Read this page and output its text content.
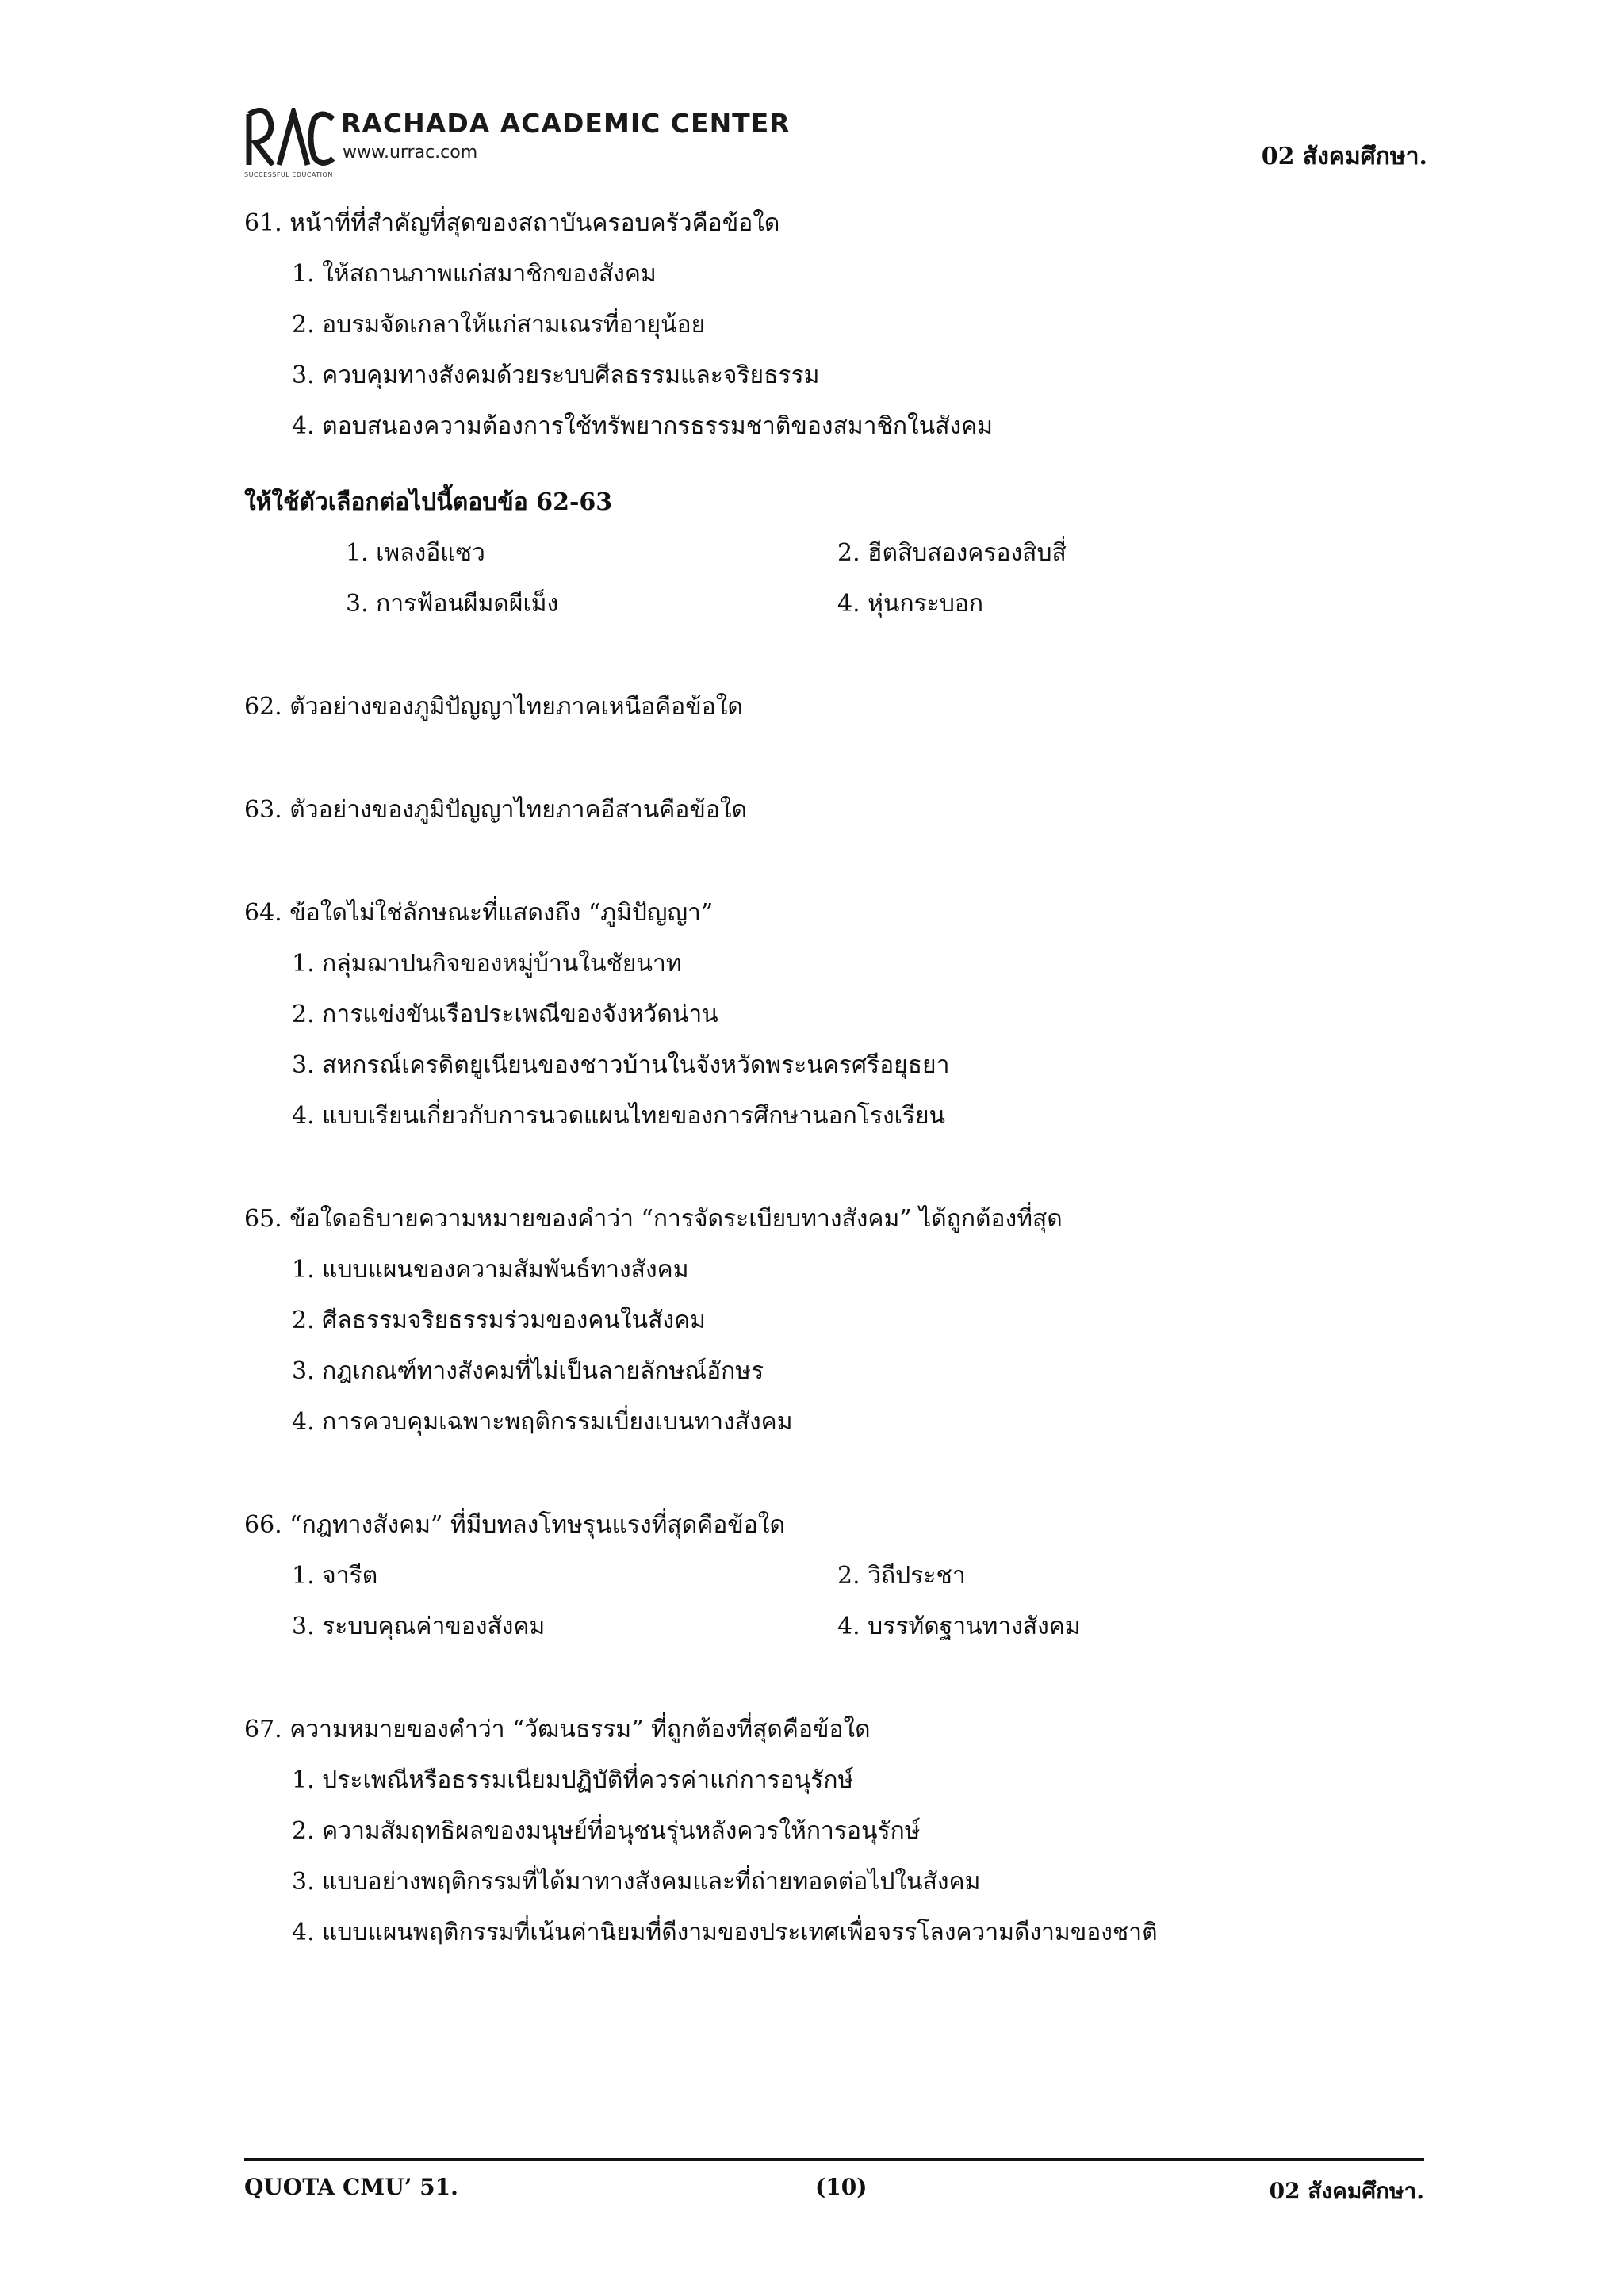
RACHADA ACADEMIC CENTER
www.urrac.com
SUCCESSFUL EDUCATION
02 สังคมศึกษา.
61. หน้าที่ที่สำคัญที่สุดของสถาบันครอบครัวคือข้อใด
1. ให้สถานภาพแก่สมาชิกของสังคม
2. อบรมจัดเกลาให้แก่สามเณรที่อายุน้อย
3. ควบคุมทางสังคมด้วยระบบศีลธรรมและจริยธรรม
4. ตอบสนองความต้องการใช้ทรัพยากรธรรมชาติของสมาชิกในสังคม
ให้ใช้ตัวเลือกต่อไปนี้ตอบข้อ 62-63
1. เพลงอีแซว	2. ฮีตสิบสองครองสิบสี่
3. การฟ้อนผีมดผีเม็ง	4. หุ่นกระบอก
62. ตัวอย่างของภูมิปัญญาไทยภาคเหนือคือข้อใด
63. ตัวอย่างของภูมิปัญญาไทยภาคอีสานคือข้อใด
64. ข้อใดไม่ใช่ลักษณะที่แสดงถึง “ภูมิปัญญา”
1. กลุ่มฌาปนกิจของหมู่บ้านในชัยนาท
2. การแข่งขันเรือประเพณีของจังหวัดน่าน
3. สหกรณ์เครดิตยูเนียนของชาวบ้านในจังหวัดพระนครศรีอยุธยา
4. แบบเรียนเกี่ยวกับการนวดแผนไทยของการศึกษานอกโรงเรียน
65. ข้อใดอธิบายความหมายของคำว่า “การจัดระเบียบทางสังคม” ได้ถูกต้องที่สุด
1. แบบแผนของความสัมพันธ์ทางสังคม
2. ศีลธรรมจริยธรรมร่วมของคนในสังคม
3. กฎเกณฑ์ทางสังคมที่ไม่เป็นลายลักษณ์อักษร
4. การควบคุมเฉพาะพฤติกรรมเบี่ยงเบนทางสังคม
66. “กฎทางสังคม” ที่มีบทลงโทษรุนแรงที่สุดคือข้อใด
1. จารีต	2. วิถีประชา
3. ระบบคุณค่าของสังคม	4. บรรทัดฐานทางสังคม
67. ความหมายของคำว่า “วัฒนธรรม” ที่ถูกต้องที่สุดคือข้อใด
1. ประเพณีหรือธรรมเนียมปฏิบัติที่ควรค่าแก่การอนุรักษ์
2. ความสัมฤทธิผลของมนุษย์ที่อนุชนรุ่นหลังควรให้การอนุรักษ์
3. แบบอย่างพฤติกรรมที่ได้มาทางสังคมและที่ถ่ายทอดต่อไปในสังคม
4. แบบแผนพฤติกรรมที่เน้นค่านิยมที่ดีงามของประเทศเพื่อจรรโลงความดีงามของชาติ
QUOTA CMU’ 51.	(10)	02 สังคมศึกษา.
